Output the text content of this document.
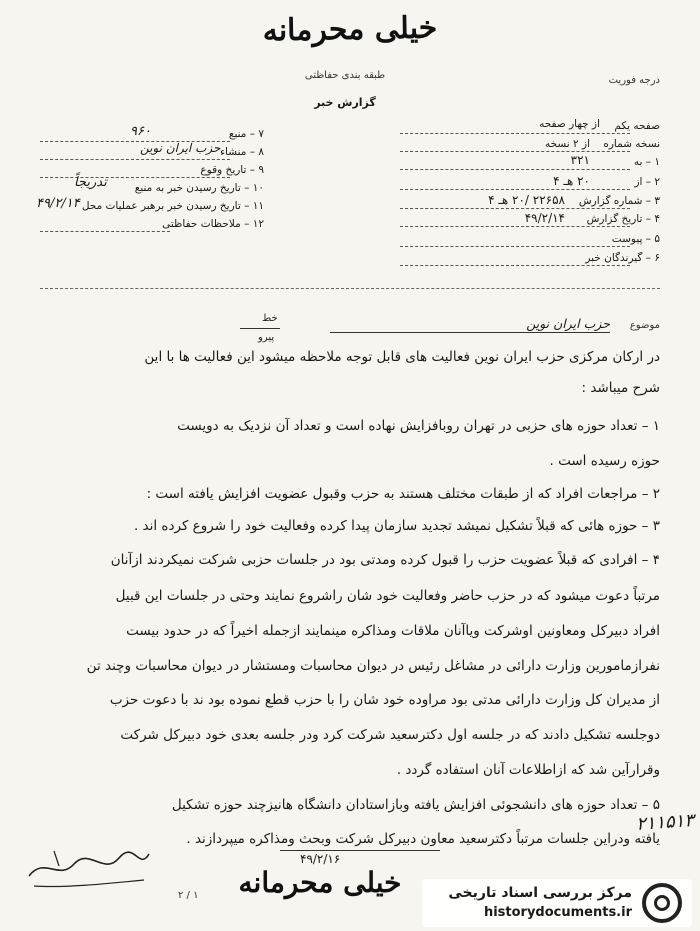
خیلی محرمانه
طبقه بندی حفاظتی
گزارش خبر
درجه فوریت
۷ – منبع
۹۶۰
۸ – منشاء
حزب ایران نوین
۹ – تاریخ وقوع
۱۰ – تاریخ رسیدن خبر به منبع
تدریجاً
۱۱ – تاریخ رسیدن خبر برهبر عملیات محل
۴۹/۲/۱۴
۱۲ – ملاحظات حفاظتی
صفحه یکم
از چهار صفحه
نسخه شماره
از ۲ نسخه
۱ – به
۳۲۱
۲ – از
۲۰ هـ ۴
۳ – شماره گزارش
۲۲۶۵۸ /۲۰ هـ ۴
۴ – تاریخ گزارش
۴۹/۲/۱۴
۵ – پیوست
۶ – گیرندگان خبر
موضوع
حزب ایران نوین
خط
پیرو
در ارکان مرکزی حزب ایران نوین فعالیت های قابل توجه ملاحظه میشود این فعالیت ها با این
شرح میباشد :
۱ – تعداد حوزه های حزبی در تهران روبافزایش نهاده است و تعداد آن نزدیک به دویست
حوزه رسیده است .
۲ – مراجعات افراد که از طبقات مختلف هستند به حزب وقبول عضویت افزایش یافته است :
۳ – حوزه هائی که قبلاً تشکیل نمیشد تجدید سازمان پیدا کرده وفعالیت خود را شروع کرده اند .
۴ – افرادی که قبلاً عضویت حزب را قبول کرده ومدتی بود در جلسات حزبی شرکت نمیکردند ازآنان
مرتباً دعوت میشود که در حزب حاضر وفعالیت خود شان راشروع نمایند وحتی در جلسات این قبیل
افراد دبیرکل ومعاونین اوشرکت ویاآنان ملاقات ومذاکره مینمایند ازجمله اخیراً که در حدود بیست
نفرازمامورین وزارت دارائی در مشاغل رئیس در دیوان محاسبات ومستشار در دیوان محاسبات وچند تن
از مدیران کل وزارت دارائی مدتی بود مراوده خود شان را با حزب قطع نموده بود ند با دعوت حزب
دوجلسه تشکیل دادند که در جلسه اول دکترسعید شرکت کرد ودر جلسه بعدی خود دبیرکل شرکت
وقرارآین شد که ازاطلاعات آنان استفاده گردد .
۵ – تعداد حوزه های دانشجوئی افزایش یافته وبازاستادان دانشگاه هانیزچند حوزه تشکیل
یافته ودراین جلسات مرتباً دکترسعید معاون دبیرکل شرکت وبحث ومذاکره میپردازند .
۲۱۱۵۱۳
۴۹/۲/۱۶
۲ / ۱	خیلی محرمانه	مرکز بررسی اسناد تاریخی
historydocuments.ir
